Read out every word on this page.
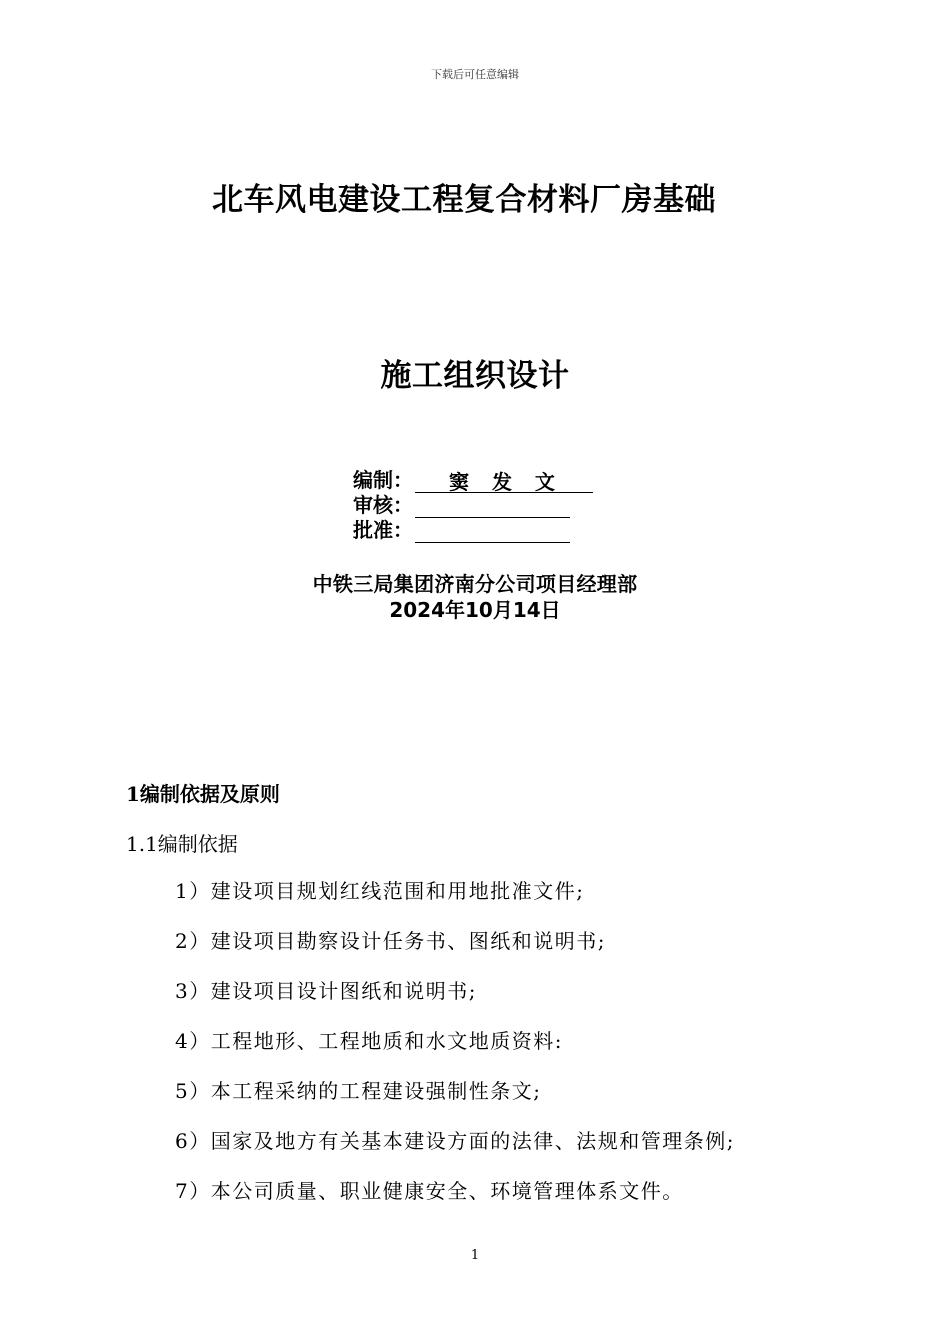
下载后可任意编辑
北车风电建设工程复合材料厂房基础
施工组织设计
编制：	窦 发 文
审核：
批准：
中铁三局集团济南分公司项目经理部
2024年10月14日
1编制依据及原则
1.1编制依据
1）建设项目规划红线范围和用地批准文件;
2）建设项目勘察设计任务书、图纸和说明书;
3）建设项目设计图纸和说明书;
4）工程地形、工程地质和水文地质资料:
5）本工程采纳的工程建设强制性条文;
6）国家及地方有关基本建设方面的法律、法规和管理条例;
7）本公司质量、职业健康安全、环境管理体系文件。
1
